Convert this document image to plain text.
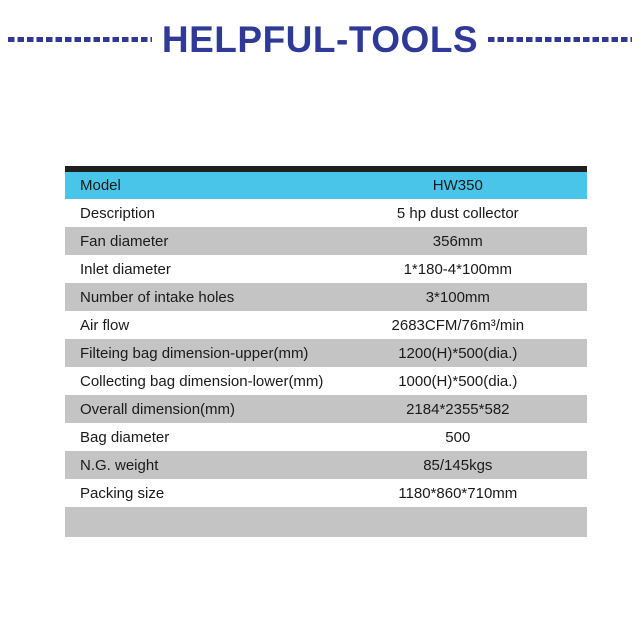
HELPFUL-TOOLS
Model	HW350
Description	5 hp dust collector
Fan diameter	356mm
Inlet diameter	1*180-4*100mm
Number of intake holes	3*100mm
Air flow	2683CFM/76m³/min
Filteing bag dimension-upper(mm)	1200(H)*500(dia.)
Collecting bag dimension-lower(mm)	1000(H)*500(dia.)
Overall dimension(mm)	2184*2355*582
Bag diameter	500
N.G. weight	85/145kgs
Packing size	1180*860*710mm
